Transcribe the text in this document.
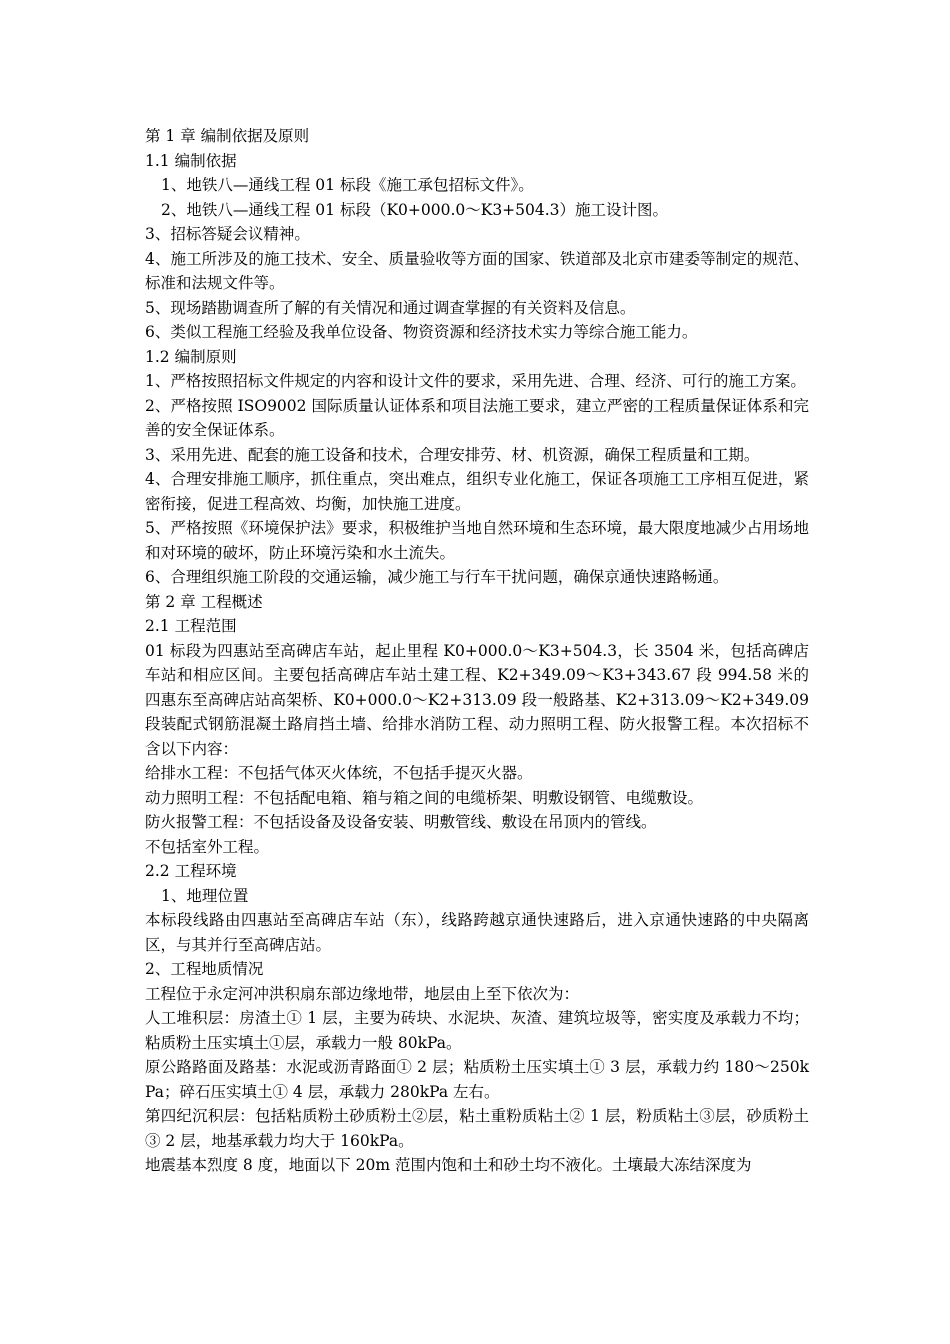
第 1 章 编制依据及原则

1.1 编制依据

1、地铁八—通线工程 01 标段《施工承包招标文件》。

2、地铁八—通线工程 01 标段（K0+000.0～K3+504.3）施工设计图。

3、招标答疑会议精神。

4、施工所涉及的施工技术、安全、质量验收等方面的国家、铁道部及北京市建委等制定的规范、标准和法规文件等。

5、现场踏勘调查所了解的有关情况和通过调查掌握的有关资料及信息。

6、类似工程施工经验及我单位设备、物资资源和经济技术实力等综合施工能力。

1.2 编制原则

1、严格按照招标文件规定的内容和设计文件的要求，采用先进、合理、经济、可行的施工方案。

2、严格按照 ISO9002 国际质量认证体系和项目法施工要求，建立严密的工程质量保证体系和完善的安全保证体系。

3、采用先进、配套的施工设备和技术，合理安排劳、材、机资源，确保工程质量和工期。

4、合理安排施工顺序，抓住重点，突出难点，组织专业化施工，保证各项施工工序相互促进，紧密衔接，促进工程高效、均衡，加快施工进度。

5、严格按照《环境保护法》要求，积极维护当地自然环境和生态环境，最大限度地减少占用场地和对环境的破坏，防止环境污染和水土流失。

6、合理组织施工阶段的交通运输，减少施工与行车干扰问题，确保京通快速路畅通。

第 2 章 工程概述

2.1 工程范围

01 标段为四惠站至高碑店车站，起止里程 K0+000.0～K3+504.3，长 3504 米，包括高碑店车站和相应区间。主要包括高碑店车站土建工程、K2+349.09～K3+343.67 段 994.58 米的四惠东至高碑店站高架桥、K0+000.0～K2+313.09 段一般路基、K2+313.09～K2+349.09 段装配式钢筋混凝土路肩挡土墙、给排水消防工程、动力照明工程、防火报警工程。本次招标不含以下内容：

给排水工程：不包括气体灭火体统，不包括手提灭火器。

动力照明工程：不包括配电箱、箱与箱之间的电缆桥架、明敷设钢管、电缆敷设。

防火报警工程：不包括设备及设备安装、明敷管线、敷设在吊顶内的管线。

不包括室外工程。

2.2 工程环境

1、地理位置

本标段线路由四惠站至高碑店车站（东），线路跨越京通快速路后，进入京通快速路的中央隔离区，与其并行至高碑店站。

2、工程地质情况

工程位于永定河冲洪积扇东部边缘地带，地层由上至下依次为：

人工堆积层：房渣土① 1 层，主要为砖块、水泥块、灰渣、建筑垃圾等，密实度及承载力不均；粘质粉土压实填土①层，承载力一般 80kPa。

原公路路面及路基：水泥或沥青路面① 2 层；粘质粉土压实填土① 3 层，承载力约 180～250kPa；碎石压实填土① 4 层，承载力 280kPa 左右。

第四纪沉积层：包括粘质粉土砂质粉土②层，粘土重粉质粘土② 1 层，粉质粘土③层，砂质粉土③ 2 层，地基承载力均大于 160kPa。

地震基本烈度 8 度，地面以下 20m 范围内饱和土和砂土均不液化。土壤最大冻结深度为
